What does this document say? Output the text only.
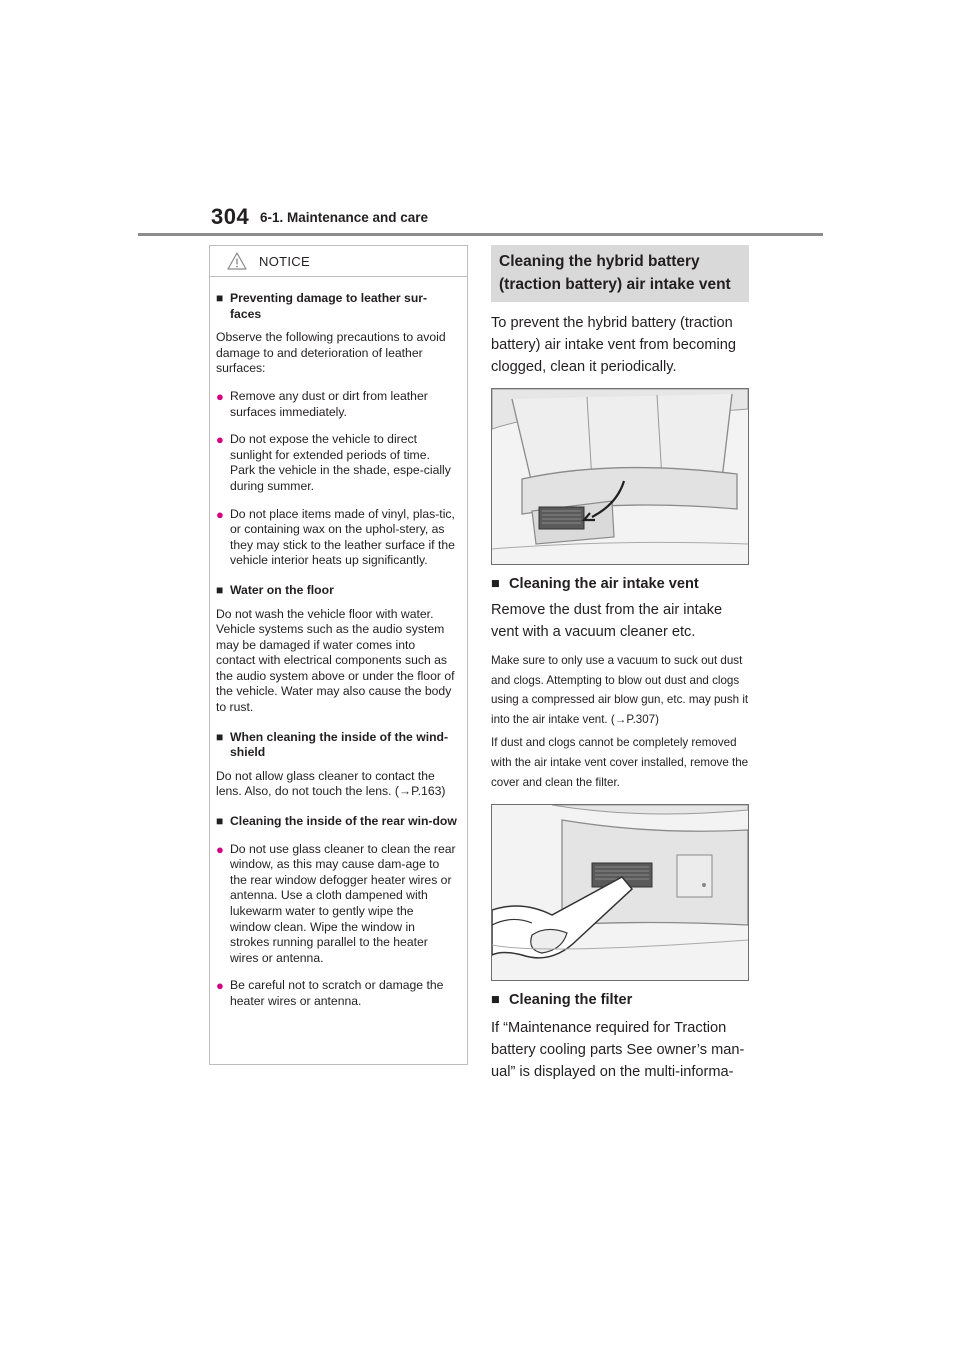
304 6-1. Maintenance and care
NOTICE
■ Preventing damage to leather sur-
faces

Observe the following precautions to avoid damage to and deterioration of leather surfaces:

● Remove any dust or dirt from leather surfaces immediately.
● Do not expose the vehicle to direct sunlight for extended periods of time. Park the vehicle in the shade, espe-cially during summer.
● Do not place items made of vinyl, plas-tic, or containing wax on the uphol-stery, as they may stick to the leather surface if the vehicle interior heats up significantly.
■ Water on the floor

Do not wash the vehicle floor with water. Vehicle systems such as the audio system may be damaged if water comes into contact with electrical components such as the audio system above or under the floor of the vehicle. Water may also cause the body to rust.

■ When cleaning the inside of the wind-shield

Do not allow glass cleaner to contact the lens. Also, do not touch the lens. (→P.163)

■ Cleaning the inside of the rear win-dow
● Do not use glass cleaner to clean the rear window, as this may cause dam-age to the rear window defogger heater wires or antenna. Use a cloth dampened with lukewarm water to gently wipe the window clean. Wipe the window in strokes running parallel to the heater wires or antenna.
● Be careful not to scratch or damage the heater wires or antenna.
Cleaning the hybrid battery (traction battery) air intake vent
To prevent the hybrid battery (traction battery) air intake vent from becoming clogged, clean it periodically.
■ Cleaning the air intake vent
Remove the dust from the air intake vent with a vacuum cleaner etc.
Make sure to only use a vacuum to suck out dust and clogs. Attempting to blow out dust and clogs using a compressed air blow gun, etc. may push it into the air intake vent. (→P.307)
If dust and clogs cannot be completely removed with the air intake vent cover installed, remove the cover and clean the filter.
■ Cleaning the filter
If “Maintenance required for Traction battery cooling parts See owner’s man-ual” is displayed on the multi-informa-
